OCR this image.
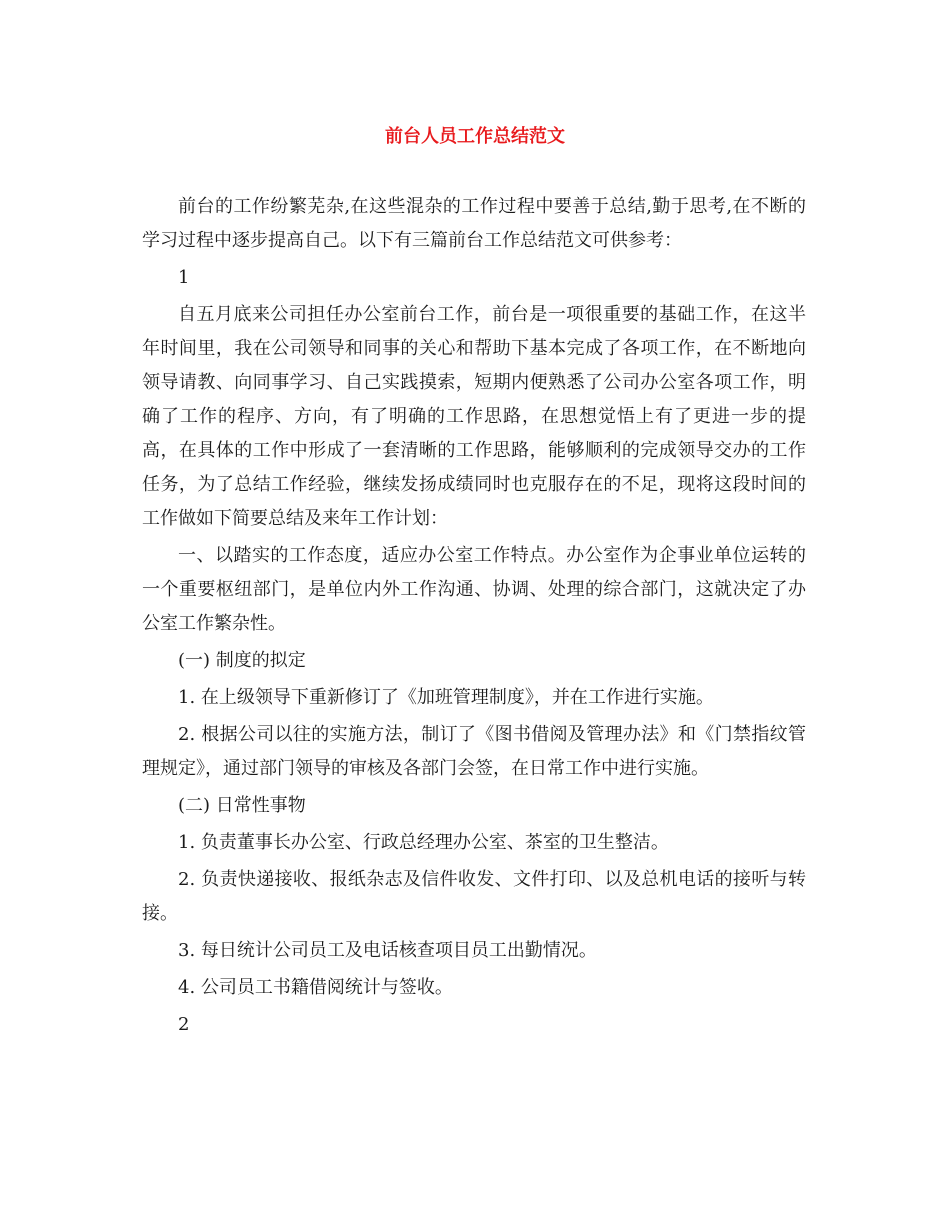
前台人员工作总结范文

前台的工作纷繁芜杂,在这些混杂的工作过程中要善于总结,勤于思考,在不断的学习过程中逐步提高自己。以下有三篇前台工作总结范文可供参考：

1

自五月底来公司担任办公室前台工作，前台是一项很重要的基础工作，在这半年时间里，我在公司领导和同事的关心和帮助下基本完成了各项工作，在不断地向领导请教、向同事学习、自己实践摸索，短期内便熟悉了公司办公室各项工作，明确了工作的程序、方向，有了明确的工作思路，在思想觉悟上有了更进一步的提高，在具体的工作中形成了一套清晰的工作思路，能够顺利的完成领导交办的工作任务，为了总结工作经验，继续发扬成绩同时也克服存在的不足，现将这段时间的工作做如下简要总结及来年工作计划：

一、以踏实的工作态度，适应办公室工作特点。办公室作为企事业单位运转的一个重要枢纽部门，是单位内外工作沟通、协调、处理的综合部门，这就决定了办公室工作繁杂性。

(一) 制度的拟定

1. 在上级领导下重新修订了《加班管理制度》，并在工作进行实施。

2. 根据公司以往的实施方法，制订了《图书借阅及管理办法》和《门禁指纹管理规定》，通过部门领导的审核及各部门会签，在日常工作中进行实施。

(二) 日常性事物

1. 负责董事长办公室、行政总经理办公室、茶室的卫生整洁。

2. 负责快递接收、报纸杂志及信件收发、文件打印、以及总机电话的接听与转接。

3. 每日统计公司员工及电话核查项目员工出勤情况。

4. 公司员工书籍借阅统计与签收。

2
